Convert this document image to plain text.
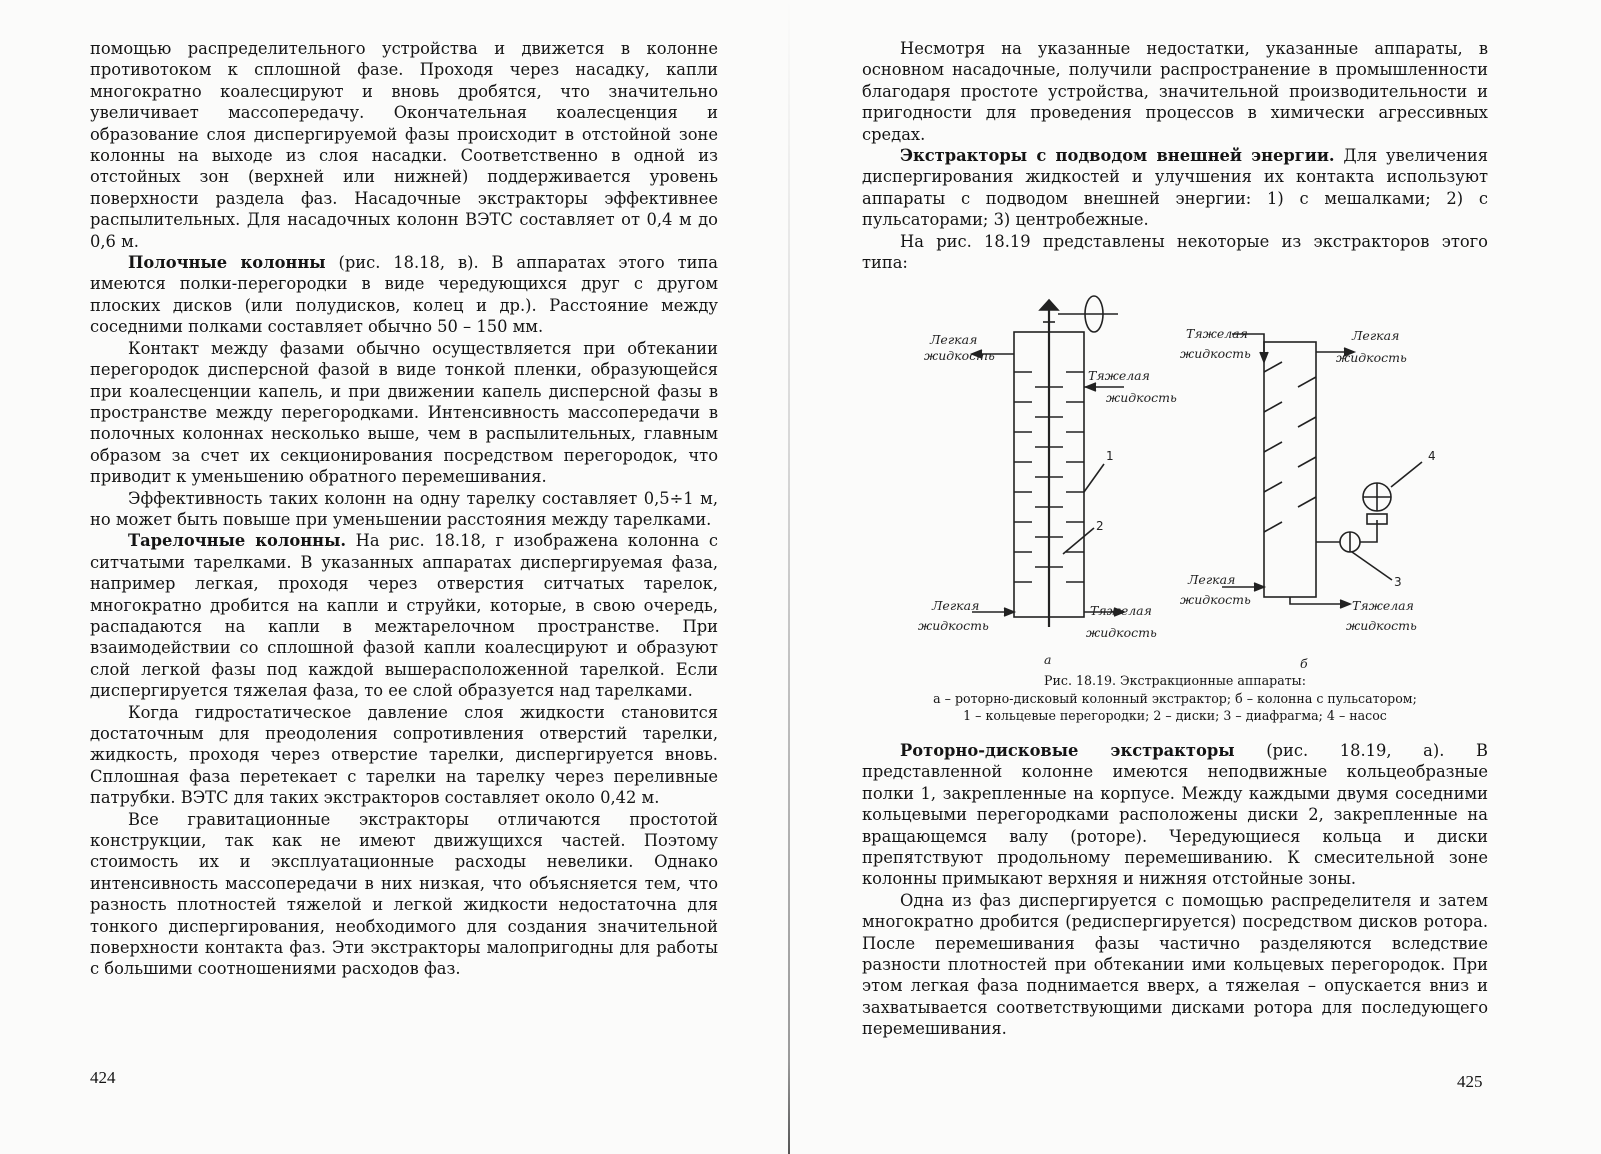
помощью распределительного устройства и движется в колонне противотоком к сплошной фазе. Проходя через насадку, капли многократно коалесцируют и вновь дробятся, что значительно увеличивает массопередачу. Окончательная коалесценция и образование слоя диспергируемой фазы происходит в отстойной зоне колонны на выходе из слоя насадки. Соответственно в одной из отстойных зон (верхней или нижней) поддерживается уровень поверхности раздела фаз. Насадочные экстракторы эффективнее распылительных. Для насадочных колонн ВЭТС составляет от 0,4 м до 0,6 м.

Полочные колонны (рис. 18.18, в). В аппаратах этого типа имеются полки-перегородки в виде чередующихся друг с другом плоских дисков (или полудисков, колец и др.). Расстояние между соседними полками составляет обычно 50 – 150 мм.

Контакт между фазами обычно осуществляется при обтекании перегородок дисперсной фазой в виде тонкой пленки, образующейся при коалесценции капель, и при движении капель дисперсной фазы в пространстве между перегородками. Интенсивность массопередачи в полочных колоннах несколько выше, чем в распылительных, главным образом за счет их секционирования посредством перегородок, что приводит к уменьшению обратного перемешивания.

Эффективность таких колонн на одну тарелку составляет 0,5÷1 м, но может быть повыше при уменьшении расстояния между тарелками.

Тарелочные колонны. На рис. 18.18, г изображена колонна с ситчатыми тарелками. В указанных аппаратах диспергируемая фаза, например легкая, проходя через отверстия ситчатых тарелок, многократно дробится на капли и струйки, которые, в свою очередь, распадаются на капли в межтарелочном пространстве. При взаимодействии со сплошной фазой капли коалесцируют и образуют слой легкой фазы под каждой вышерасположенной тарелкой. Если диспергируется тяжелая фаза, то ее слой образуется над тарелками.

Когда гидростатическое давление слоя жидкости становится достаточным для преодоления сопротивления отверстий тарелки, жидкость, проходя через отверстие тарелки, диспергируется вновь. Сплошная фаза перетекает с тарелки на тарелку через переливные патрубки. ВЭТС для таких экстракторов составляет около 0,42 м.

Все гравитационные экстракторы отличаются простотой конструкции, так как не имеют движущихся частей. Поэтому стоимость их и эксплуатационные расходы невелики. Однако интенсивность массопередачи в них низкая, что объясняется тем, что разность плотностей тяжелой и легкой жидкости недостаточна для тонкого диспергирования, необходимого для создания значительной поверхности контакта фаз. Эти экстракторы малопригодны для работы с большими соотношениями расходов фаз.

424

Несмотря на указанные недостатки, указанные аппараты, в основном насадочные, получили распространение в промышленности благодаря простоте устройства, значительной производительности и пригодности для проведения процессов в химически агрессивных средах.

Экстракторы с подводом внешней энергии. Для увеличения диспергирования жидкостей и улучшения их контакта используют аппараты с подводом внешней энергии: 1) с мешалками; 2) с пульсаторами; 3) центробежные.

На рис. 18.19 представлены некоторые из экстракторов этого типа:

Легкая
жидкость
Тяжелая
жидкость
1
2
Легкая
жидкость
Тяжелая
жидкость
а
Тяжелая
жидкость
Легкая
жидкость
4
3
Легкая
жидкость	Тяжелая
жидкость
б
Рис. 18.19. Экстракционные аппараты:
а – роторно-дисковый колонный экстрактор; б – колонна с пульсатором;
1 – кольцевые перегородки; 2 – диски; 3 – диафрагма; 4 – насос

Роторно-дисковые экстракторы (рис. 18.19, а). В представленной колонне имеются неподвижные кольцеобразные полки 1, закрепленные на корпусе. Между каждыми двумя соседними кольцевыми перегородками расположены диски 2, закрепленные на вращающемся валу (роторе). Чередующиеся кольца и диски препятствуют продольному перемешиванию. К смесительной зоне колонны примыкают верхняя и нижняя отстойные зоны.

Одна из фаз диспергируется с помощью распределителя и затем многократно дробится (редиспергируется) посредством дисков ротора. После перемешивания фазы частично разделяются вследствие разности плотностей при обтекании ими кольцевых перегородок. При этом легкая фаза поднимается вверх, а тяжелая – опускается вниз и захватывается соответствующими дисками ротора для последующего перемешивания.

425
